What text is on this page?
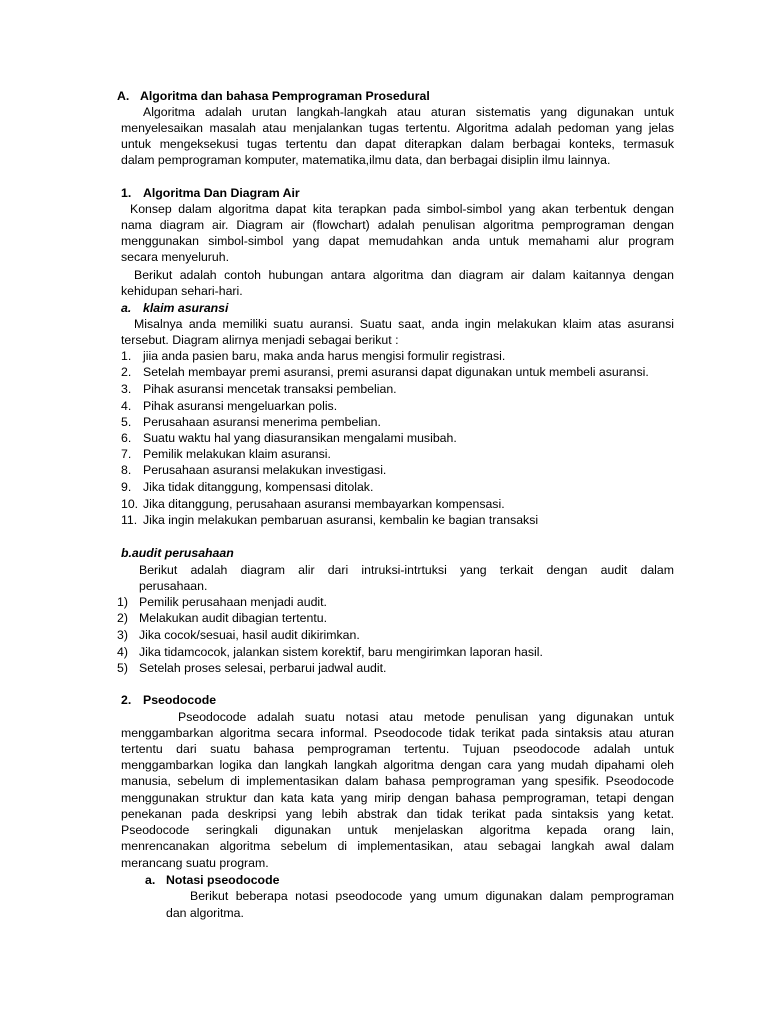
A. Algoritma dan bahasa Pemprograman Prosedural
Algoritma adalah urutan langkah-langkah atau aturan sistematis yang digunakan untuk
menyelesaikan masalah atau menjalankan tugas tertentu. Algoritma adalah pedoman yang jelas
untuk mengeksekusi tugas tertentu dan dapat diterapkan dalam berbagai konteks, termasuk
dalam pemprograman komputer, matematika,ilmu data, dan berbagai disiplin ilmu lainnya.
1. Algoritma Dan Diagram Air
Konsep dalam algoritma dapat kita terapkan pada simbol-simbol yang akan terbentuk dengan
nama diagram air. Diagram air (flowchart) adalah penulisan algoritma pemprograman dengan
menggunakan simbol-simbol yang dapat memudahkan anda untuk memahami alur program
secara menyeluruh.
Berikut adalah contoh hubungan antara algoritma dan diagram air dalam kaitannya dengan
kehidupan sehari-hari.
a. klaim asuransi
Misalnya anda memiliki suatu auransi. Suatu saat, anda ingin melakukan klaim atas asuransi
tersebut. Diagram alirnya menjadi sebagai berikut :
1. jiia anda pasien baru, maka anda harus mengisi formulir registrasi.
2. Setelah membayar premi asuransi, premi asuransi dapat digunakan untuk membeli asuransi.
3. Pihak asuransi mencetak transaksi pembelian.
4. Pihak asuransi mengeluarkan polis.
5. Perusahaan asuransi menerima pembelian.
6. Suatu waktu hal yang diasuransikan mengalami musibah.
7. Pemilik melakukan klaim asuransi.
8. Perusahaan asuransi melakukan investigasi.
9. Jika tidak ditanggung, kompensasi ditolak.
10. Jika ditanggung, perusahaan asuransi membayarkan kompensasi.
11. Jika ingin melakukan pembaruan asuransi, kembalin ke bagian transaksi
b.audit perusahaan
Berikut adalah diagram alir dari intruksi-intrtuksi yang terkait dengan audit dalam
perusahaan.
1) Pemilik perusahaan menjadi audit.
2) Melakukan audit dibagian tertentu.
3) Jika cocok/sesuai, hasil audit dikirimkan.
4) Jika tidamcocok, jalankan sistem korektif, baru mengirimkan laporan hasil.
5) Setelah proses selesai, perbarui jadwal audit.
2. Pseodocode
Pseodocode adalah suatu notasi atau metode penulisan yang digunakan untuk
menggambarkan algoritma secara informal. Pseodocode tidak terikat pada sintaksis atau aturan
tertentu dari suatu bahasa pemprograman tertentu. Tujuan pseodocode adalah untuk
menggambarkan logika dan langkah langkah algoritma dengan cara yang mudah dipahami oleh
manusia, sebelum di implementasikan dalam bahasa pemprograman yang spesifik. Pseodocode
menggunakan struktur dan kata kata yang mirip dengan bahasa pemprograman, tetapi dengan
penekanan pada deskripsi yang lebih abstrak dan tidak terikat pada sintaksis yang ketat.
Pseodocode seringkali digunakan untuk menjelaskan algoritma kepada orang lain,
menrencanakan algoritma sebelum di implementasikan, atau sebagai langkah awal dalam
merancang suatu program.
a. Notasi pseodocode
Berikut beberapa notasi pseodocode yang umum digunakan dalam pemprograman
dan algoritma.
